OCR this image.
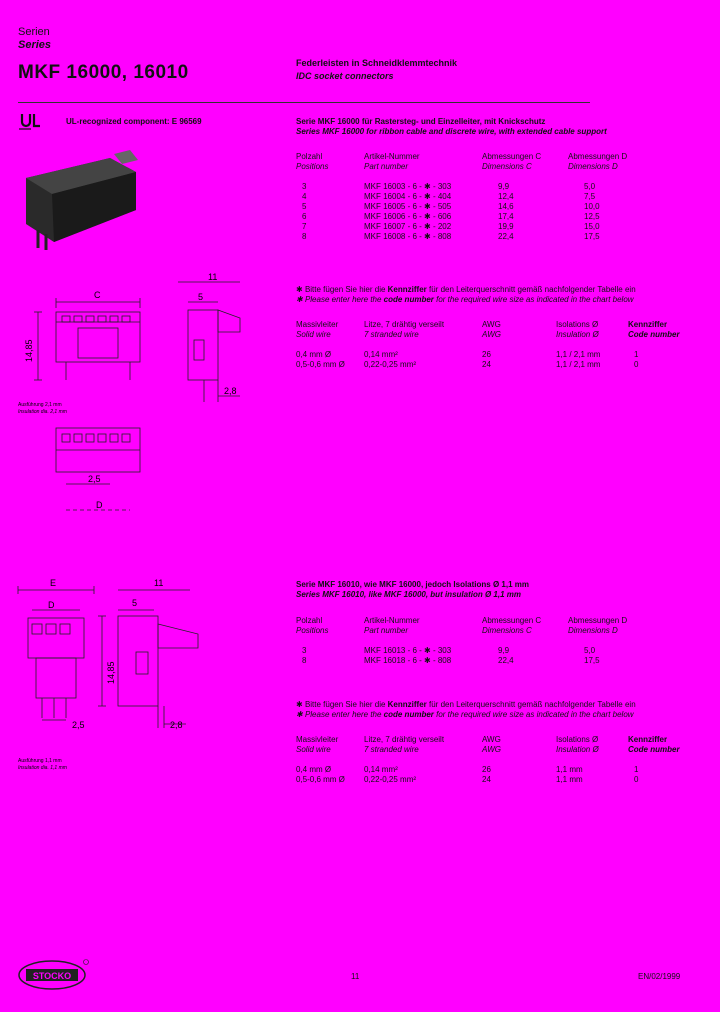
Serien
Series
MKF 16000, 16010	Federleisten in Schneidklemmtechnik
IDC socket connectors
UL-recognized component: E 96569	Serie MKF 16000 für Rastersteg- und Einzelleiter, mit Knickschutz
Series MKF 16000 for ribbon cable and discrete wire, with extended cable support
Polzahl	Artikel-Nummer	Abmessungen C	Abmessungen D
Positions	Part number	Dimensions C	Dimensions D

3	MKF 16003 - 6 - ✱ - 303	9,9	5,0
4	MKF 16004 - 6 - ✱ - 404	12,4	7,5
5	MKF 16005 - 6 - ✱ - 505	14,6	10,0
6	MKF 16006 - 6 - ✱ - 606	17,4	12,5
7	MKF 16007 - 6 - ✱ - 202	19,9	15,0
8	MKF 16008 - 6 - ✱ - 808	22,4	17,5
✱ Bitte fügen Sie hier die Kennziffer für den Leiterquerschnitt gemäß nachfolgender Tabelle ein
✱ Please enter here the code number for the required wire size as indicated in the chart below
Massivleiter	Litze, 7 drähtig verseilt	AWG	Isolations Ø	Kennziffer
Solid wire	7 stranded wire	AWG	Insulation Ø	Code number

0,4 mm Ø	0,14 mm²	26	1,1 / 2,1 mm	1
0,5-0,6 mm Ø	0,22-0,25 mm²	24	1,1 / 2,1 mm	0
C
11
5
2,8
14,85
2,5
D
Ausführung 2,1 mm
Insulation dia. 2,1 mm
Serie MKF 16010, wie MKF 16000, jedoch Isolations Ø 1,1 mm
Series MKF 16010, like MKF 16000, but insulation Ø 1,1 mm
Polzahl	Artikel-Nummer	Abmessungen C	Abmessungen D
Positions	Part number	Dimensions C	Dimensions D

3	MKF 16013 - 6 - ✱ - 303	9,9	5,0
8	MKF 16018 - 6 - ✱ - 808	22,4	17,5
✱ Bitte fügen Sie hier die Kennziffer für den Leiterquerschnitt gemäß nachfolgender Tabelle ein
✱ Please enter here the code number for the required wire size as indicated in the chart below
Massivleiter	Litze, 7 drähtig verseilt	AWG	Isolations Ø	Kennziffer
Solid wire	7 stranded wire	AWG	Insulation Ø	Code number

0,4 mm Ø	0,14 mm²	26	1,1 mm	1
0,5-0,6 mm Ø	0,22-0,25 mm²	24	1,1 mm	0
E
D
11
5
14,85
2,5	2,8
Ausführung 1,1 mm
Insulation dia. 1,1 mm
STOCKO	11	EN/02/1999
